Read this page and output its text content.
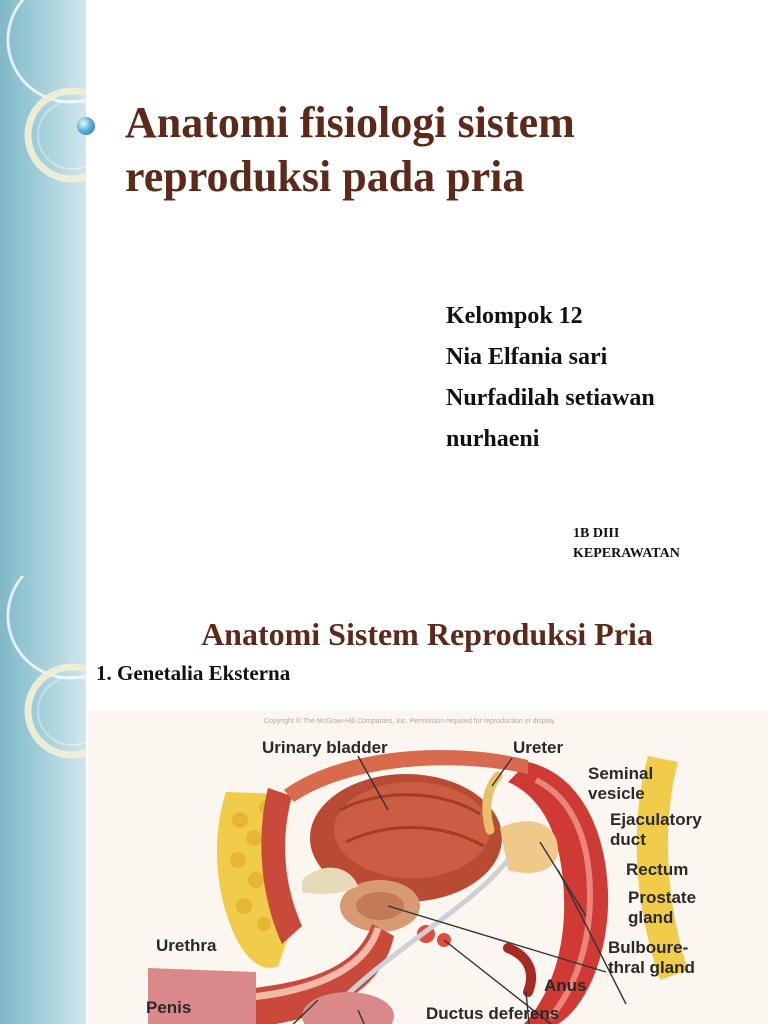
Anatomi fisiologi sistem reproduksi pada pria
Kelompok 12
Nia Elfania sari
Nurfadilah setiawan
nurhaeni
1B DIII
KEPERAWATAN
Anatomi Sistem Reproduksi Pria
1. Genetalia Eksterna
Copyright © The McGraw-Hill Companies, Inc. Permission required for reproduction or display.
Urinary bladder	Ureter
Seminal
vesicle
Ejaculatory
duct
Rectum
Prostate
gland
Bulboure-
thral gland
Urethra
Anus
Penis	Ductus deferens
